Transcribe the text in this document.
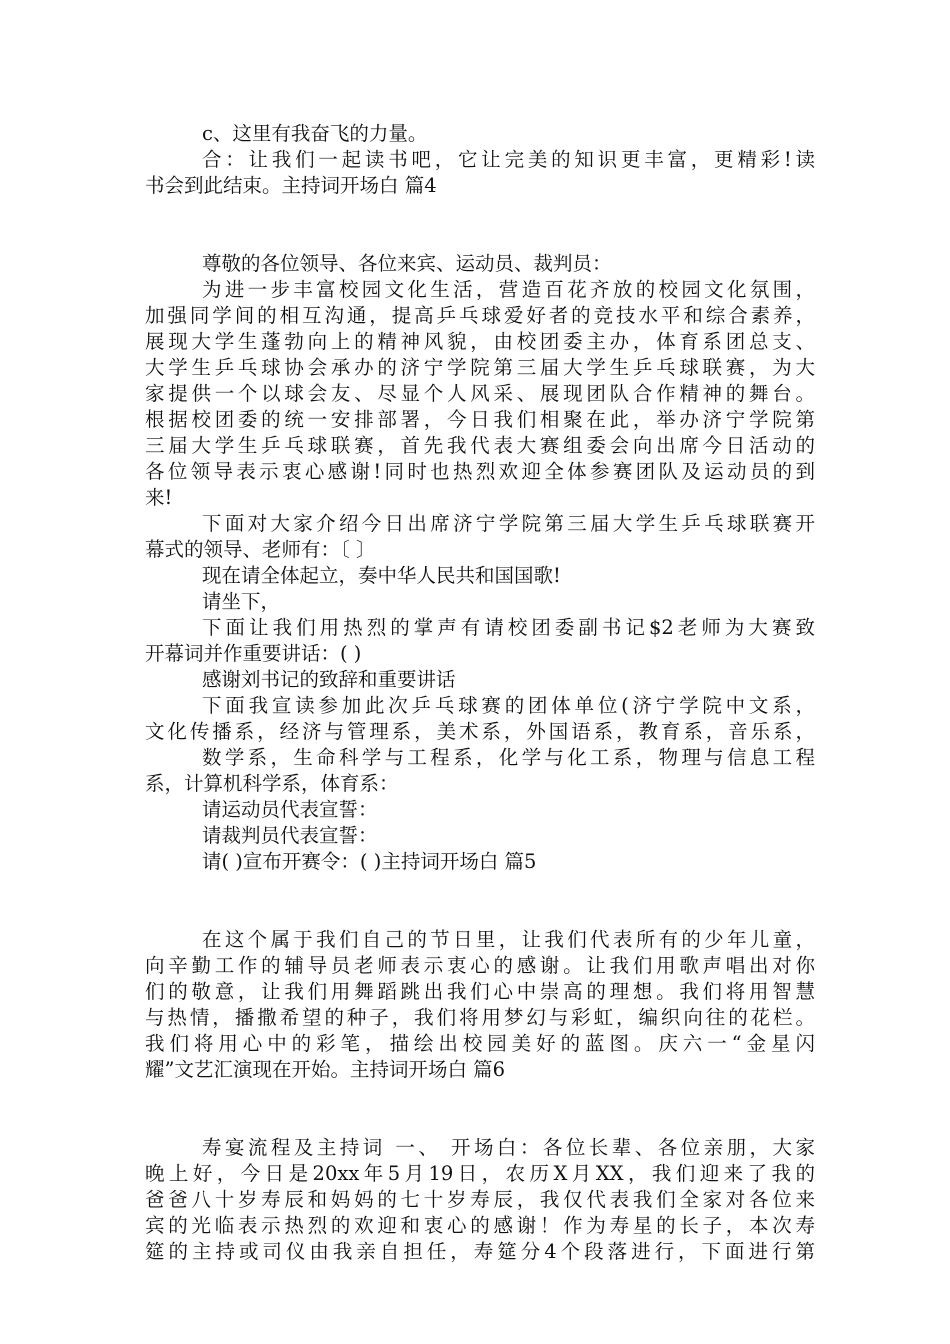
c、这里有我奋飞的力量。
合：让我们一起读书吧，它让完美的知识更丰富，更精彩!读
书会到此结束。主持词开场白 篇4
尊敬的各位领导、各位来宾、运动员、裁判员：
为进一步丰富校园文化生活，营造百花齐放的校园文化氛围，
加强同学间的相互沟通，提高乒乓球爱好者的竞技水平和综合素养，
展现大学生蓬勃向上的精神风貌，由校团委主办，体育系团总支、
大学生乒乓球协会承办的济宁学院第三届大学生乒乓球联赛，为大
家提供一个以球会友、尽显个人风采、展现团队合作精神的舞台。
根据校团委的统一安排部署，今日我们相聚在此，举办济宁学院第
三届大学生乒乓球联赛，首先我代表大赛组委会向出席今日活动的
各位领导表示衷心感谢!同时也热烈欢迎全体参赛团队及运动员的到
来!
下面对大家介绍今日出席济宁学院第三届大学生乒乓球联赛开
幕式的领导、老师有：〔 〕
现在请全体起立，奏中华人民共和国国歌!
请坐下，
下面让我们用热烈的掌声有请校团委副书记$2老师为大赛致
开幕词并作重要讲话：( )
感谢刘书记的致辞和重要讲话
下面我宣读参加此次乒乓球赛的团体单位(济宁学院中文系，
文化传播系，经济与管理系，美术系，外国语系，教育系，音乐系，
数学系，生命科学与工程系，化学与化工系，物理与信息工程
系，计算机科学系，体育系：
请运动员代表宣誓：
请裁判员代表宣誓：
请( )宣布开赛令：( )主持词开场白 篇5
在这个属于我们自己的节日里，让我们代表所有的少年儿童，
向辛勤工作的辅导员老师表示衷心的感谢。让我们用歌声唱出对你
们的敬意，让我们用舞蹈跳出我们心中崇高的理想。我们将用智慧
与热情，播撒希望的种子，我们将用梦幻与彩虹，编织向往的花栏。
我们将用心中的彩笔，描绘出校园美好的蓝图。庆六一“金星闪
耀”文艺汇演现在开始。主持词开场白 篇6
寿宴流程及主持词 一、 开场白：各位长辈、各位亲朋，大家
晚上好，今日是20xx年5月19日，农历X月XX，我们迎来了我的
爸爸八十岁寿辰和妈妈的七十岁寿辰，我仅代表我们全家对各位来
宾的光临表示热烈的欢迎和衷心的感谢！作为寿星的长子，本次寿
筵的主持或司仪由我亲自担任，寿筵分4个段落进行，下面进行第
